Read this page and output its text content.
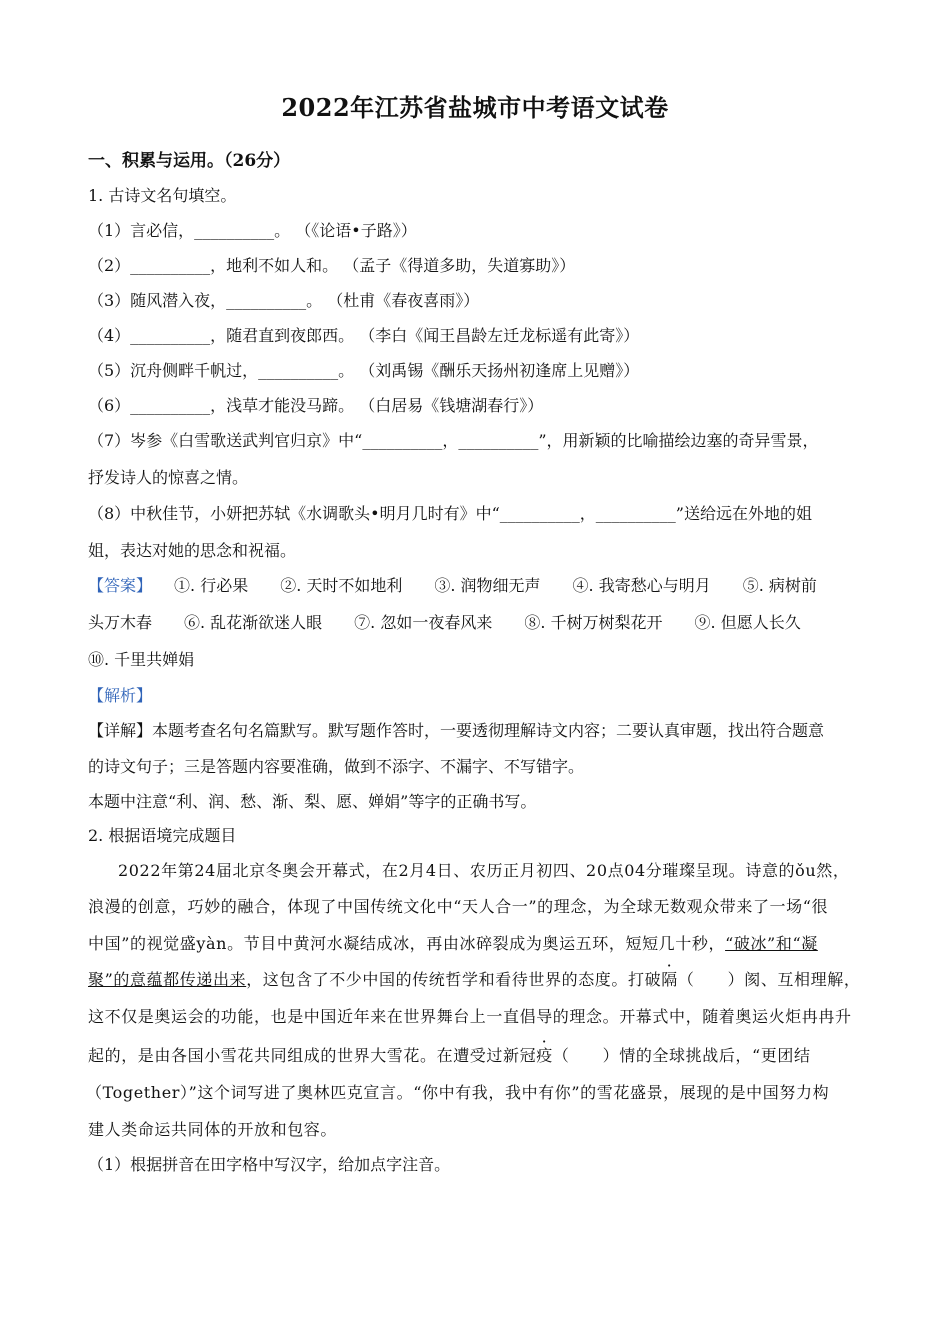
2022年江苏省盐城市中考语文试卷
一、积累与运用。（26分）
1. 古诗文名句填空。
（1）言必信，__________。 （《论语•子路》）
（2）__________，地利不如人和。 （孟子《得道多助，失道寡助》）
（3）随风潜入夜，__________。 （杜甫《春夜喜雨》）
（4）__________，随君直到夜郎西。 （李白《闻王昌龄左迁龙标遥有此寄》）
（5）沉舟侧畔千帆过，__________。 （刘禹锡《酬乐天扬州初逢席上见赠》）
（6）__________，浅草才能没马蹄。 （白居易《钱塘湖春行》）
（7）岑参《白雪歌送武判官归京》中“__________，__________”，用新颖的比喻描绘边塞的奇异雪景，
抒发诗人的惊喜之情。
（8）中秋佳节，小妍把苏轼《水调歌头•明月几时有》中“__________，__________”送给远在外地的姐
姐，表达对她的思念和祝福。
【答案】 ①. 行必果　　②. 天时不如地利　　③. 润物细无声　　④. 我寄愁心与明月　　⑤. 病树前
头万木春　　⑥. 乱花渐欲迷人眼　　⑦. 忽如一夜春风来　　⑧. 千树万树梨花开　　⑨. 但愿人长久
⑩. 千里共婵娟
【解析】
【详解】本题考查名句名篇默写。默写题作答时，一要透彻理解诗文内容；二要认真审题，找出符合题意
的诗文句子；三是答题内容要准确，做到不添字、不漏字、不写错字。
本题中注意“利、润、愁、渐、梨、愿、婵娟”等字的正确书写。
2. 根据语境完成题目
2022年第24届北京冬奥会开幕式，在2月4日、农历正月初四、20点04分璀璨呈现。诗意的ǒu然，
浪漫的创意，巧妙的融合，体现了中国传统文化中“天人合一”的理念，为全球无数观众带来了一场“很
中国”的视觉盛yàn。节目中黄河水凝结成冰，再由冰碎裂成为奥运五环，短短几十秒，“破冰”和“凝
聚”的意蕴都传递出来，这包含了不少中国的传统哲学和看待世界的态度。打破隔（　　）阂、互相理解，
这不仅是奥运会的功能，也是中国近年来在世界舞台上一直倡导的理念。开幕式中，随着奥运火炬冉冉升
起的，是由各国小雪花共同组成的世界大雪花。在遭受过新冠疫（　　）情的全球挑战后，“更团结
（Together）”这个词写进了奥林匹克宣言。“你中有我，我中有你”的雪花盛景，展现的是中国努力构
建人类命运共同体的开放和包容。
（1）根据拼音在田字格中写汉字，给加点字注音。
